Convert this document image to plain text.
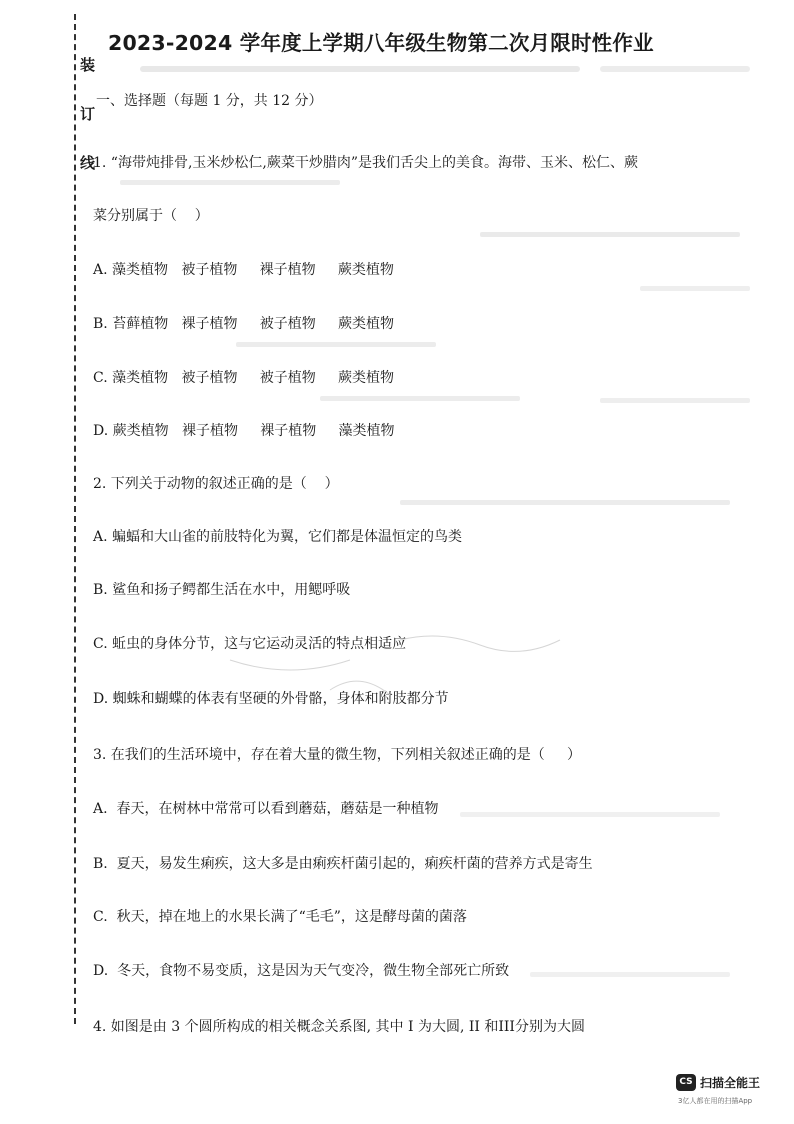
装
订
线
2023-2024 学年度上学期八年级生物第二次月限时性作业
一、选择题（每题 1 分，共 12 分）
1. “海带炖排骨,玉米炒松仁,蕨菜干炒腊肉”是我们舌尖上的美食。海带、玉米、松仁、蕨
菜分别属于（    ）
A. 藻类植物   被子植物     裸子植物     蕨类植物
B. 苔藓植物   裸子植物     被子植物     蕨类植物
C. 藻类植物   被子植物     被子植物     蕨类植物
D. 蕨类植物   裸子植物     裸子植物     藻类植物
2. 下列关于动物的叙述正确的是（    ）
A. 蝙蝠和大山雀的前肢特化为翼，它们都是体温恒定的鸟类
B. 鲨鱼和扬子鳄都生活在水中，用鳃呼吸
C. 蚯虫的身体分节，这与它运动灵活的特点相适应
D. 蜘蛛和蝴蝶的体表有坚硬的外骨骼，身体和附肢都分节
3. 在我们的生活环境中，存在着大量的微生物，下列相关叙述正确的是（     ）
A.  春天，在树林中常常可以看到蘑菇，蘑菇是一种植物
B.  夏天，易发生痢疾，这大多是由痢疾杆菌引起的，痢疾杆菌的营养方式是寄生
C.  秋天，掉在地上的水果长满了“毛毛”，这是酵母菌的菌落
D.  冬天，食物不易变质，这是因为天气变冷，微生物全部死亡所致
4. 如图是由 3 个圆所构成的相关概念关系图, 其中 I 为大圆, II 和III分别为大圆
CS 扫描全能王
3亿人都在用的扫描App
